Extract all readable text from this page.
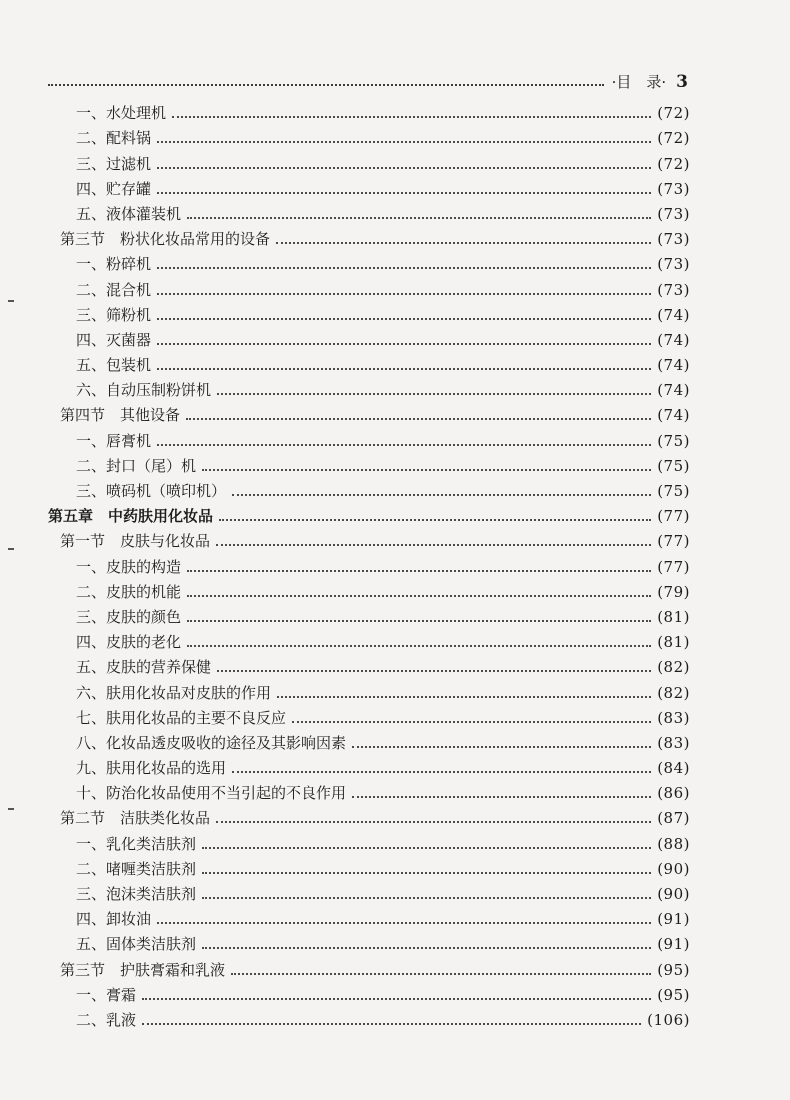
·目　录· 3
一、水处理机	(72)
二、配料锅	(72)
三、过滤机	(72)
四、贮存罐	(73)
五、液体灌装机	(73)
第三节　粉状化妆品常用的设备	(73)
一、粉碎机	(73)
二、混合机	(73)
三、筛粉机	(74)
四、灭菌器	(74)
五、包装机	(74)
六、自动压制粉饼机	(74)
第四节　其他设备	(74)
一、唇膏机	(75)
二、封口（尾）机	(75)
三、喷码机（喷印机）	(75)
第五章　中药肤用化妆品	(77)
第一节　皮肤与化妆品	(77)
一、皮肤的构造	(77)
二、皮肤的机能	(79)
三、皮肤的颜色	(81)
四、皮肤的老化	(81)
五、皮肤的营养保健	(82)
六、肤用化妆品对皮肤的作用	(82)
七、肤用化妆品的主要不良反应	(83)
八、化妆品透皮吸收的途径及其影响因素	(83)
九、肤用化妆品的选用	(84)
十、防治化妆品使用不当引起的不良作用	(86)
第二节　洁肤类化妆品	(87)
一、乳化类洁肤剂	(88)
二、啫喱类洁肤剂	(90)
三、泡沫类洁肤剂	(90)
四、卸妆油	(91)
五、固体类洁肤剂	(91)
第三节　护肤膏霜和乳液	(95)
一、膏霜	(95)
二、乳液	(106)
